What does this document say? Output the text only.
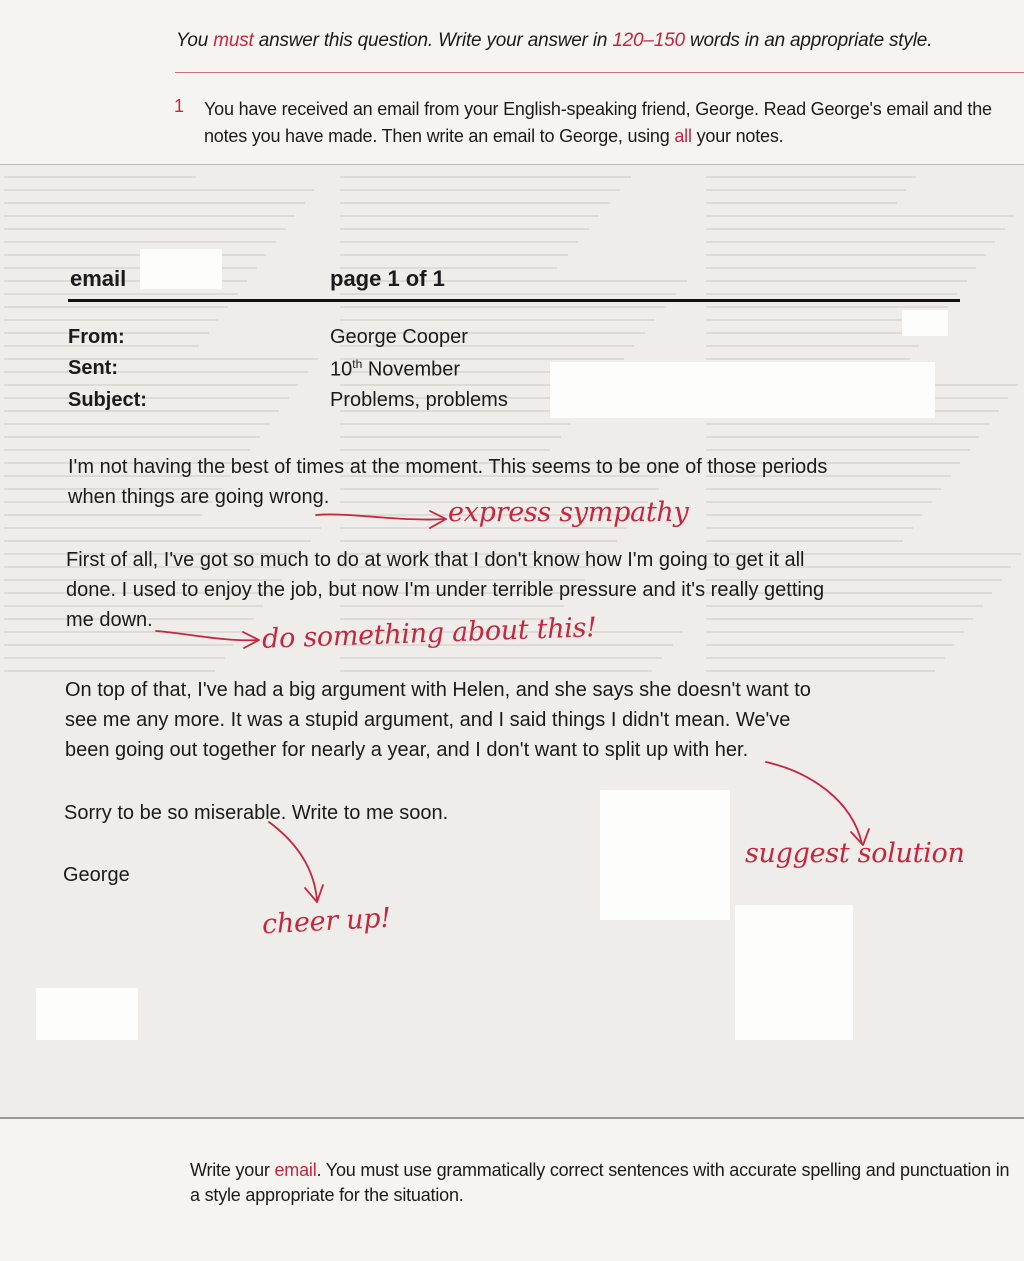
You must answer this question. Write your answer in 120–150 words in an appropriate style.
1 You have received an email from your English-speaking friend, George. Read George's email and the notes you have made. Then write an email to George, using all your notes.
email	page 1 of 1
From:	George Cooper
Sent:	10th November
Subject:	Problems, problems
I'm not having the best of times at the moment. This seems to be one of those periods
when things are going wrong.
First of all, I've got so much to do at work that I don't know how I'm going to get it all
done. I used to enjoy the job, but now I'm under terrible pressure and it's really getting
me down.
On top of that, I've had a big argument with Helen, and she says she doesn't want to
see me any more. It was a stupid argument, and I said things I didn't mean. We've
been going out together for nearly a year, and I don't want to split up with her.
Sorry to be so miserable. Write to me soon.
George
express sympathy
do something about this!
suggest solution
cheer up!
Write your email. You must use grammatically correct sentences with accurate spelling and punctuation in a style appropriate for the situation.
